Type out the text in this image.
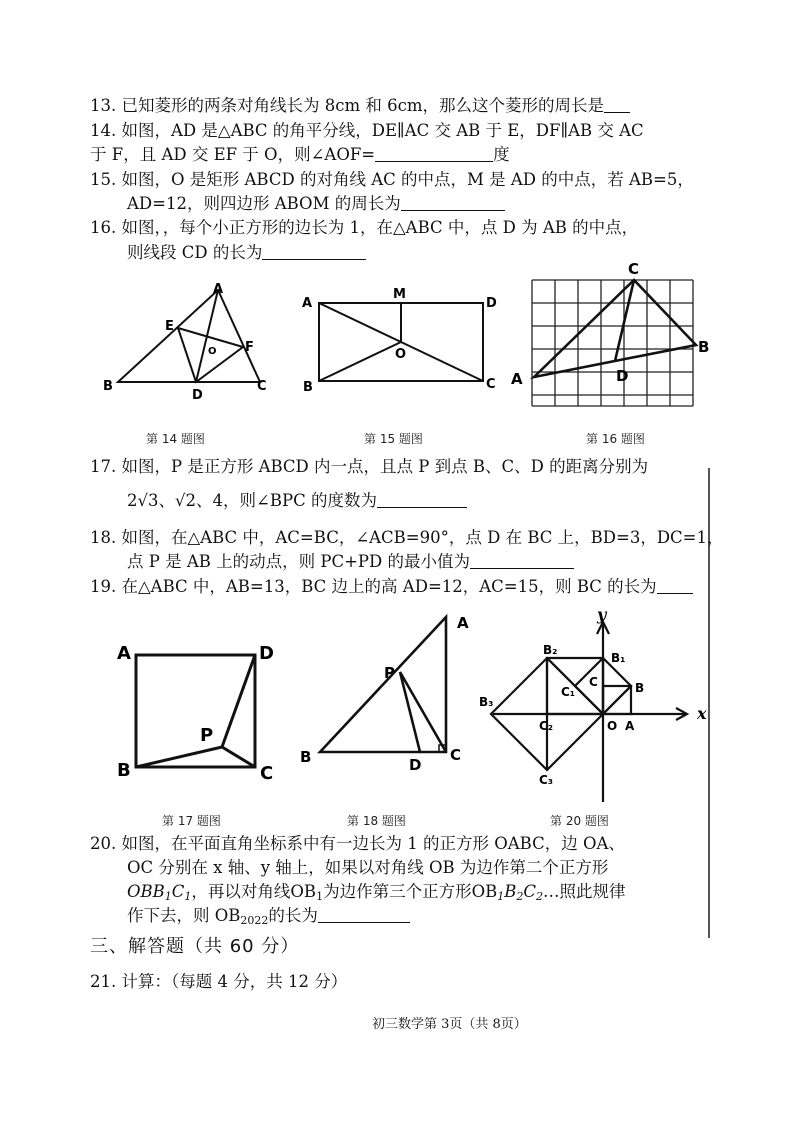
13. 已知菱形的两条对角线长为 8cm 和 6cm，那么这个菱形的周长是
14. 如图，AD 是△ABC 的角平分线，DE∥AC 交 AB 于 E，DF∥AB 交 AC
于 F，且 AD 交 EF 于 O，则∠AOF=	度
15. 如图，O 是矩形 ABCD 的对角线 AC 的中点，M 是 AD 的中点，若 AB=5，
AD=12，则四边形 ABOM 的周长为
16. 如图，，每个小正方形的边长为 1，在△ABC 中，点 D 为 AB 的中点，
则线段 CD 的长为
A
E
F
O
B
D
C
第 14 题图
A
M
D
O
B	C
第 15 题图
C
B
A	D
第 16 题图
17. 如图，P 是正方形 ABCD 内一点，且点 P 到点 B、C、D 的距离分别为
2√3、√2、4，则∠BPC 的度数为
18. 如图，在△ABC 中，AC=BC，∠ACB=90°，点 D 在 BC 上，BD=3，DC=1，
点 P 是 AB 上的动点，则 PC+PD 的最小值为
19. 在△ABC 中，AB=13，BC 边上的高 AD=12，AC=15，则 BC 的长为
A	D
P
B	C
第 17 题图
A
P
B	D
C
第 18 题图
y
x
B₁
B₂
B₃
B
C
C₁
C₂
C₃
O A
第 20 题图
20. 如图，在平面直角坐标系中有一边长为 1 的正方形 OABC，边 OA、
OC 分别在 x 轴、y 轴上，如果以对角线 OB 为边作第二个正方形
$OBB_1C_1$，再以对角线$OB_1$为边作第三个正方形$OB_1B_2C_2\dots$照此规律
作下去，则 $OB_{2022}$的长为
三、解答题（共 60 分）
21. 计算：（每题 4 分，共 12 分）
初三数学第 3页（共 8页）
